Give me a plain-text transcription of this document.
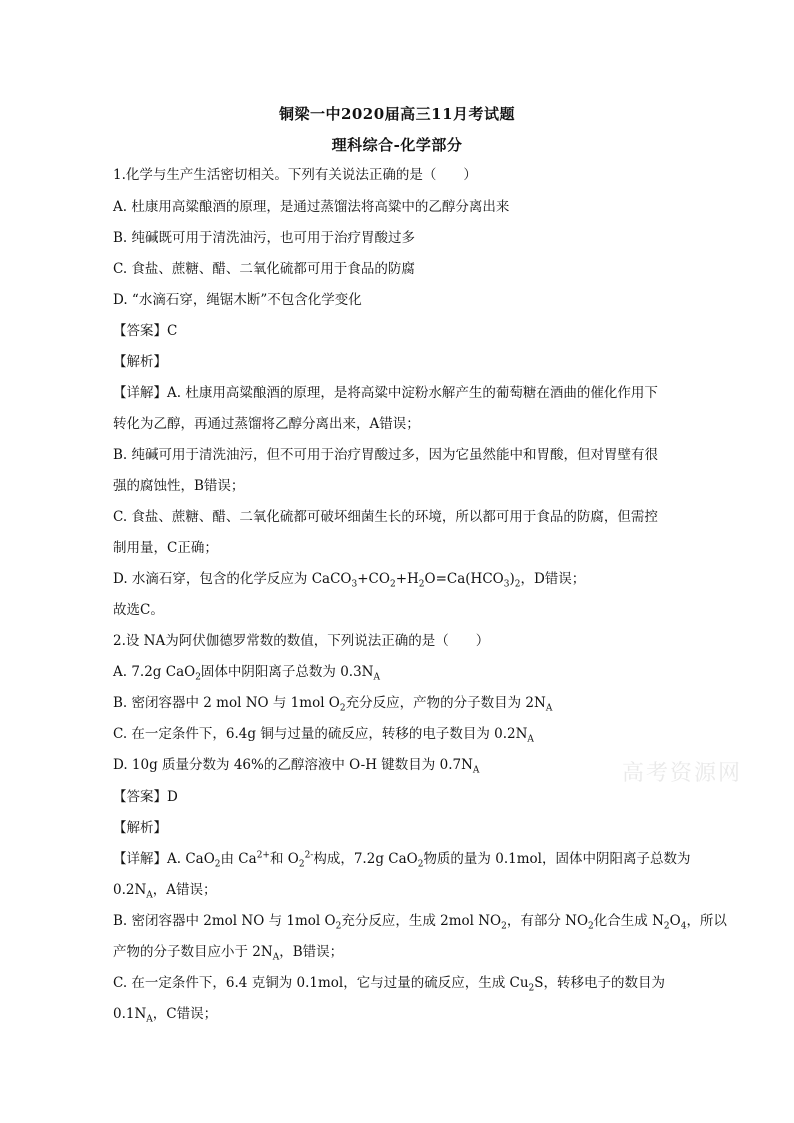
铜梁一中2020届高三11月考试题
理科综合-化学部分
1.化学与生产生活密切相关。下列有关说法正确的是（　　）
A. 杜康用高粱酿酒的原理，是通过蒸馏法将高粱中的乙醇分离出来
B. 纯碱既可用于清洗油污，也可用于治疗胃酸过多
C. 食盐、蔗糖、醋、二氧化硫都可用于食品的防腐
D. “水滴石穿，绳锯木断”不包含化学变化
【答案】C
【解析】
【详解】A. 杜康用高粱酿酒的原理，是将高粱中淀粉水解产生的葡萄糖在酒曲的催化作用下
转化为乙醇，再通过蒸馏将乙醇分离出来，A错误；
B. 纯碱可用于清洗油污，但不可用于治疗胃酸过多，因为它虽然能中和胃酸，但对胃壁有很
强的腐蚀性，B错误；
C. 食盐、蔗糖、醋、二氧化硫都可破坏细菌生长的环境，所以都可用于食品的防腐，但需控
制用量，C正确；
D. 水滴石穿，包含的化学反应为 $CaCO_3+CO_2+H_2O=Ca(HCO_3)_2$，D错误；
故选C。
2.设 NA为阿伏伽德罗常数的数值，下列说法正确的是（　　）
A. 7.2g CaO$_2$固体中阴阳离子总数为 $0.3N_A$
B. 密闭容器中 2 mol NO 与 1mol $O_2$充分反应，产物的分子数目为 $2N_A$
C. 在一定条件下，6.4g 铜与过量的硫反应，转移的电子数目为 $0.2N_A$
D. 10g 质量分数为 46%的乙醇溶液中 O-H 键数目为 $0.7N_A$
【答案】D
【解析】
【详解】A. CaO$_2$由 $Ca^{2+}$和 $O_2^{2-}$构成，7.2g CaO$_2$物质的量为 0.1mol，固体中阴阳离子总数为
$0.2N_A$，A错误；
B. 密闭容器中 2mol NO 与 1mol $O_2$充分反应，生成 2mol $NO_2$，有部分 $NO_2$化合生成 $N_2O_4$，所以
产物的分子数目应小于 $2N_A$，B错误；
C. 在一定条件下，6.4 克铜为 0.1mol，它与过量的硫反应，生成 $Cu_2S$，转移电子的数目为
$0.1N_A$，C错误；
高考资源网
